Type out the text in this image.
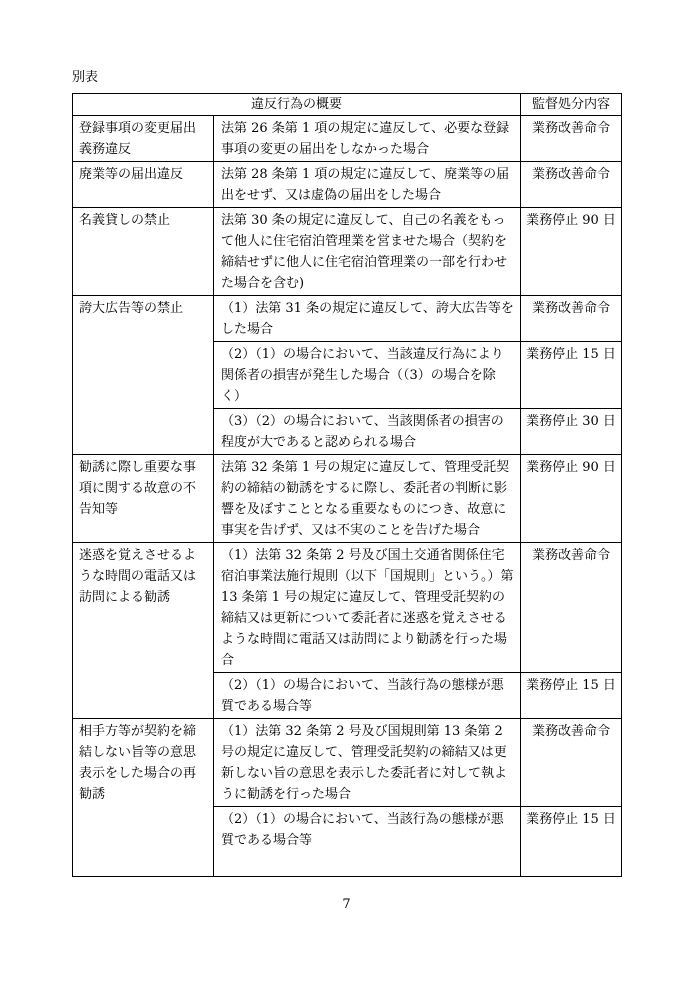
別表
違反行為の概要		監督処分内容
登録事項の変更届出義務違反	法第 26 条第 1 項の規定に違反して、必要な登録事項の変更の届出をしなかった場合	業務改善命令
廃業等の届出違反	法第 28 条第 1 項の規定に違反して、廃業等の届出をせず、又は虚偽の届出をした場合	業務改善命令
名義貸しの禁止	法第 30 条の規定に違反して、自己の名義をもって他人に住宅宿泊管理業を営ませた場合（契約を締結せずに他人に住宅宿泊管理業の一部を行わせた場合を含む)	業務停止 90 日
誇大広告等の禁止	（1）法第 31 条の規定に違反して、誇大広告等をした場合	業務改善命令
	（2）（1）の場合において、当該違反行為により関係者の損害が発生した場合（（3）の場合を除く）	業務停止 15 日
	（3）（2）の場合において、当該関係者の損害の程度が大であると認められる場合	業務停止 30 日
勧誘に際し重要な事項に関する故意の不告知等	法第 32 条第 1 号の規定に違反して、管理受託契約の締結の勧誘をするに際し、委託者の判断に影響を及ぼすこととなる重要なものにつき、故意に事実を告げず、又は不実のことを告げた場合	業務停止 90 日
迷惑を覚えさせるような時間の電話又は訪問による勧誘	（1）法第 32 条第 2 号及び国土交通省関係住宅宿泊事業法施行規則（以下「国規則」という。）第 13 条第 1 号の規定に違反して、管理受託契約の締結又は更新について委託者に迷惑を覚えさせるような時間に電話又は訪問により勧誘を行った場合	業務改善命令
	（2）（1）の場合において、当該行為の態様が悪質である場合等	業務停止 15 日
相手方等が契約を締結しない旨等の意思表示をした場合の再勧誘	（1）法第 32 条第 2 号及び国規則第 13 条第 2 号の規定に違反して、管理受託契約の締結又は更新しない旨の意思を表示した委託者に対して執ように勧誘を行った場合	業務改善命令
	（2）（1）の場合において、当該行為の態様が悪質である場合等	業務停止 15 日
7
